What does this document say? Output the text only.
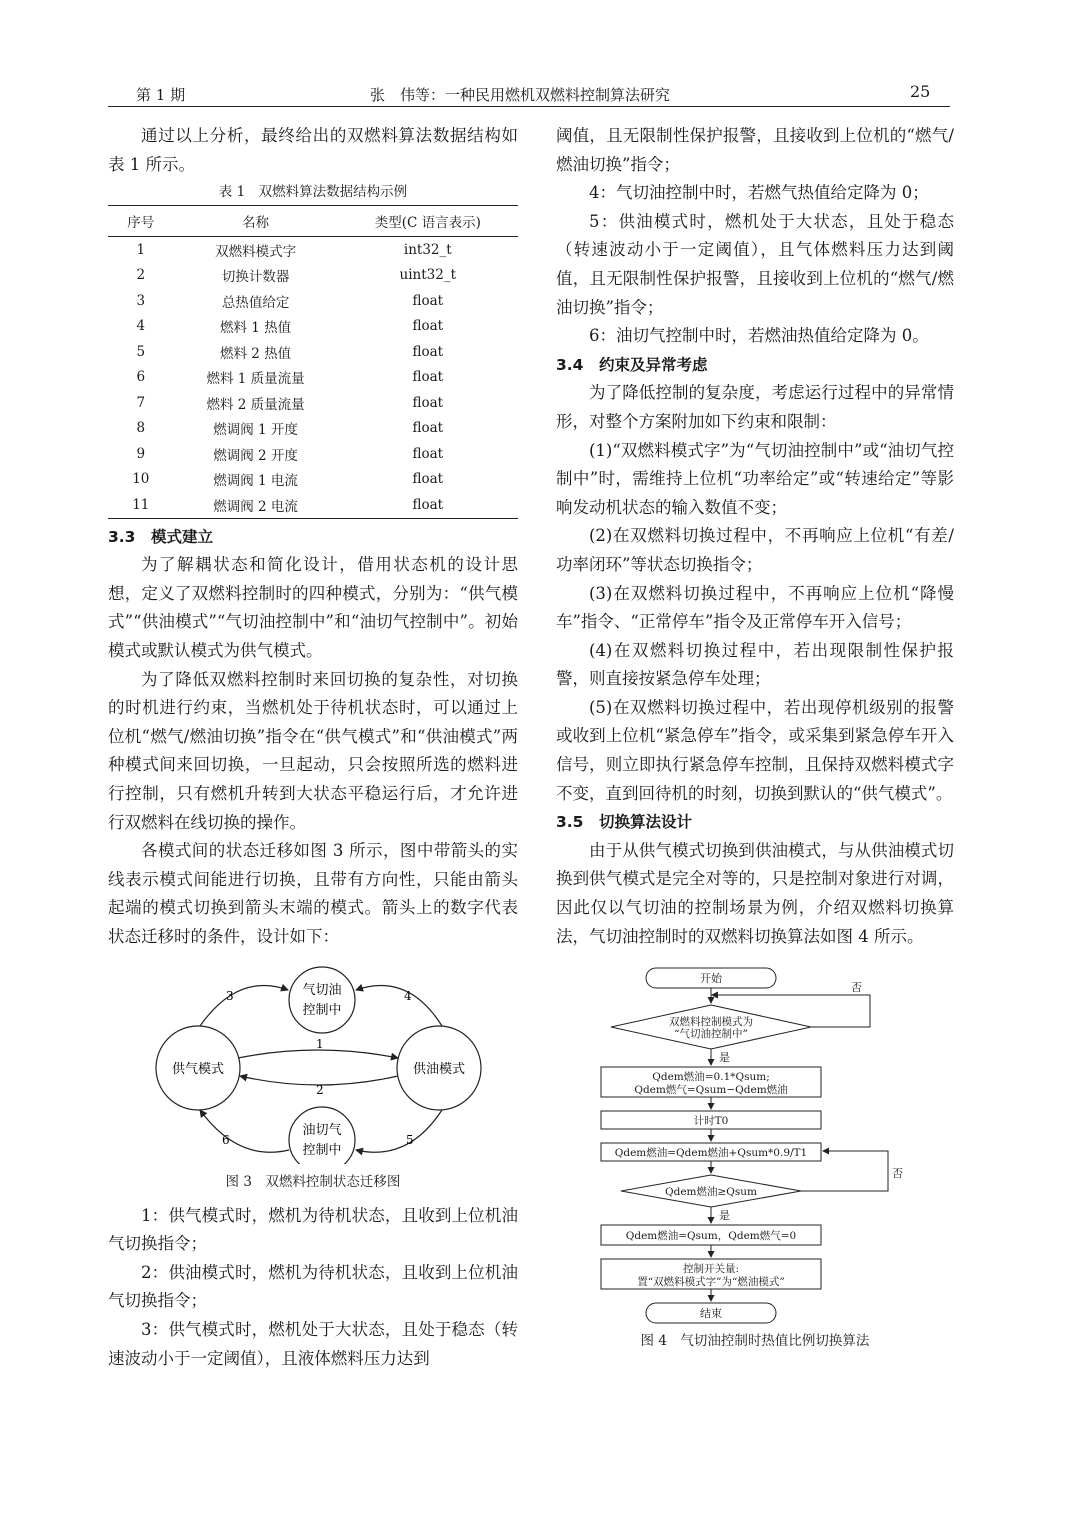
第 1 期	张　伟等：一种民用燃机双燃料控制算法研究	25

通过以上分析，最终给出的双燃料算法数据结构如表 1 所示。

表 1　双燃料算法数据结构示例

序号	名称	类型(C 语言表示)
1	双燃料模式字	int32_t
2	切换计数器	uint32_t
3	总热值给定	float
4	燃料 1 热值	float
5	燃料 2 热值	float
6	燃料 1 质量流量	float
7	燃料 2 质量流量	float
8	燃调阀 1 开度	float
9	燃调阀 2 开度	float
10	燃调阀 1 电流	float
11	燃调阀 2 电流	float

3.3　模式建立

为了解耦状态和简化设计，借用状态机的设计思想，定义了双燃料控制时的四种模式，分别为：“供气模式”“供油模式”“气切油控制中”和“油切气控制中”。初始模式或默认模式为供气模式。

为了降低双燃料控制时来回切换的复杂性，对切换的时机进行约束，当燃机处于待机状态时，可以通过上位机“燃气/燃油切换”指令在“供气模式”和“供油模式”两种模式间来回切换，一旦起动，只会按照所选的燃料进行控制，只有燃机升转到大状态平稳运行后，才允许进行双燃料在线切换的操作。

各模式间的状态迁移如图 3 所示，图中带箭头的实线表示模式间能进行切换，且带有方向性，只能由箭头起端的模式切换到箭头末端的模式。箭头上的数字代表状态迁移时的条件，设计如下：

气切油
控制中
供气模式	供油模式
油切气
控制中
1
2
3	4
5
6

图 3　双燃料控制状态迁移图

1：供气模式时，燃机为待机状态，且收到上位机油气切换指令；

2：供油模式时，燃机为待机状态，且收到上位机油气切换指令；

3：供气模式时，燃机处于大状态，且处于稳态（转速波动小于一定阈值），且液体燃料压力达到

阈值，且无限制性保护报警，且接收到上位机的“燃气/燃油切换”指令；

4：气切油控制中时，若燃气热值给定降为 0；

5：供油模式时，燃机处于大状态，且处于稳态（转速波动小于一定阈值），且气体燃料压力达到阈值，且无限制性保护报警，且接收到上位机的“燃气/燃油切换”指令；

6：油切气控制中时，若燃油热值给定降为 0。

3.4　约束及异常考虑

为了降低控制的复杂度，考虑运行过程中的异常情形，对整个方案附加如下约束和限制：

(1)“双燃料模式字”为“气切油控制中”或“油切气控制中”时，需维持上位机“功率给定”或“转速给定”等影响发动机状态的输入数值不变；

(2)在双燃料切换过程中，不再响应上位机“有差/功率闭环”等状态切换指令；

(3)在双燃料切换过程中，不再响应上位机“降慢车”指令、“正常停车”指令及正常停车开入信号；

(4)在双燃料切换过程中，若出现限制性保护报警，则直接按紧急停车处理；

(5)在双燃料切换过程中，若出现停机级别的报警或收到上位机“紧急停车”指令，或采集到紧急停车开入信号，则立即执行紧急停车控制，且保持双燃料模式字不变，直到回待机的时刻，切换到默认的“供气模式”。

3.5　切换算法设计

由于从供气模式切换到供油模式，与从供油模式切换到供气模式是完全对等的，只是控制对象进行对调，因此仅以气切油的控制场景为例，介绍双燃料切换算法，气切油控制时的双燃料切换算法如图 4 所示。

开始
双燃料控制模式为
“气切油控制中”
否
是
Qdem燃油=0.1*Qsum;
Qdem燃气=Qsum−Qdem燃油
计时T0
Qdem燃油=Qdem燃油+Qsum*0.9/T1
Qdem燃油≥Qsum
否
是
Qdem燃油=Qsum，Qdem燃气=0
控制开关量:
置“双燃料模式字”为“燃油模式”
结束

图 4　气切油控制时热值比例切换算法
